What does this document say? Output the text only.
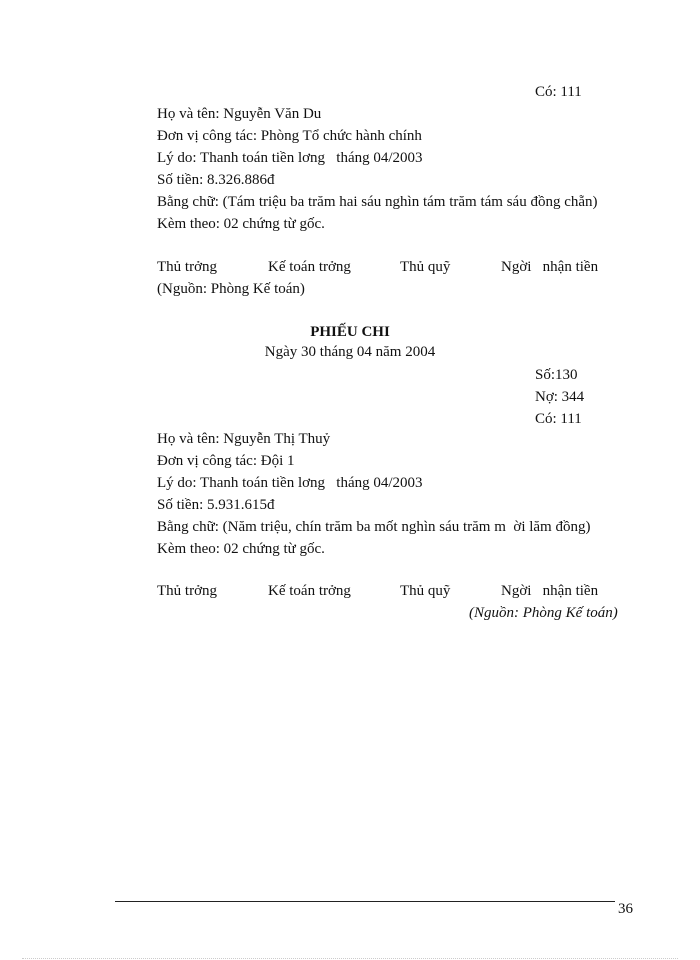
Có: 111
Họ và tên: Nguyễn Văn Du
Đơn vị công tác: Phòng Tổ chức hành chính
Lý do: Thanh toán tiền lơng   tháng 04/2003
Số tiền: 8.326.886đ
Bằng chữ: (Tám triệu ba trăm hai sáu nghìn tám trăm tám sáu đồng chẵn)
Kèm theo: 02 chứng từ gốc.
Thủ trởng	Kế toán trởng	Thủ quỹ	Ngời   nhận tiền
(Nguồn: Phòng Kế toán)
PHIẾU CHI
Ngày 30 tháng 04 năm 2004
Số:130
Nợ: 344
Có: 111
Họ và tên: Nguyễn Thị Thuỷ
Đơn vị công tác: Đội 1
Lý do: Thanh toán tiền lơng   tháng 04/2003
Số tiền: 5.931.615đ
Bằng chữ: (Năm triệu, chín trăm ba mốt nghìn sáu trăm m  ời lăm đồng)
Kèm theo: 02 chứng từ gốc.
Thủ trởng	Kế toán trởng	Thủ quỹ	Ngời   nhận tiền
(Nguồn: Phòng Kế toán)
36
